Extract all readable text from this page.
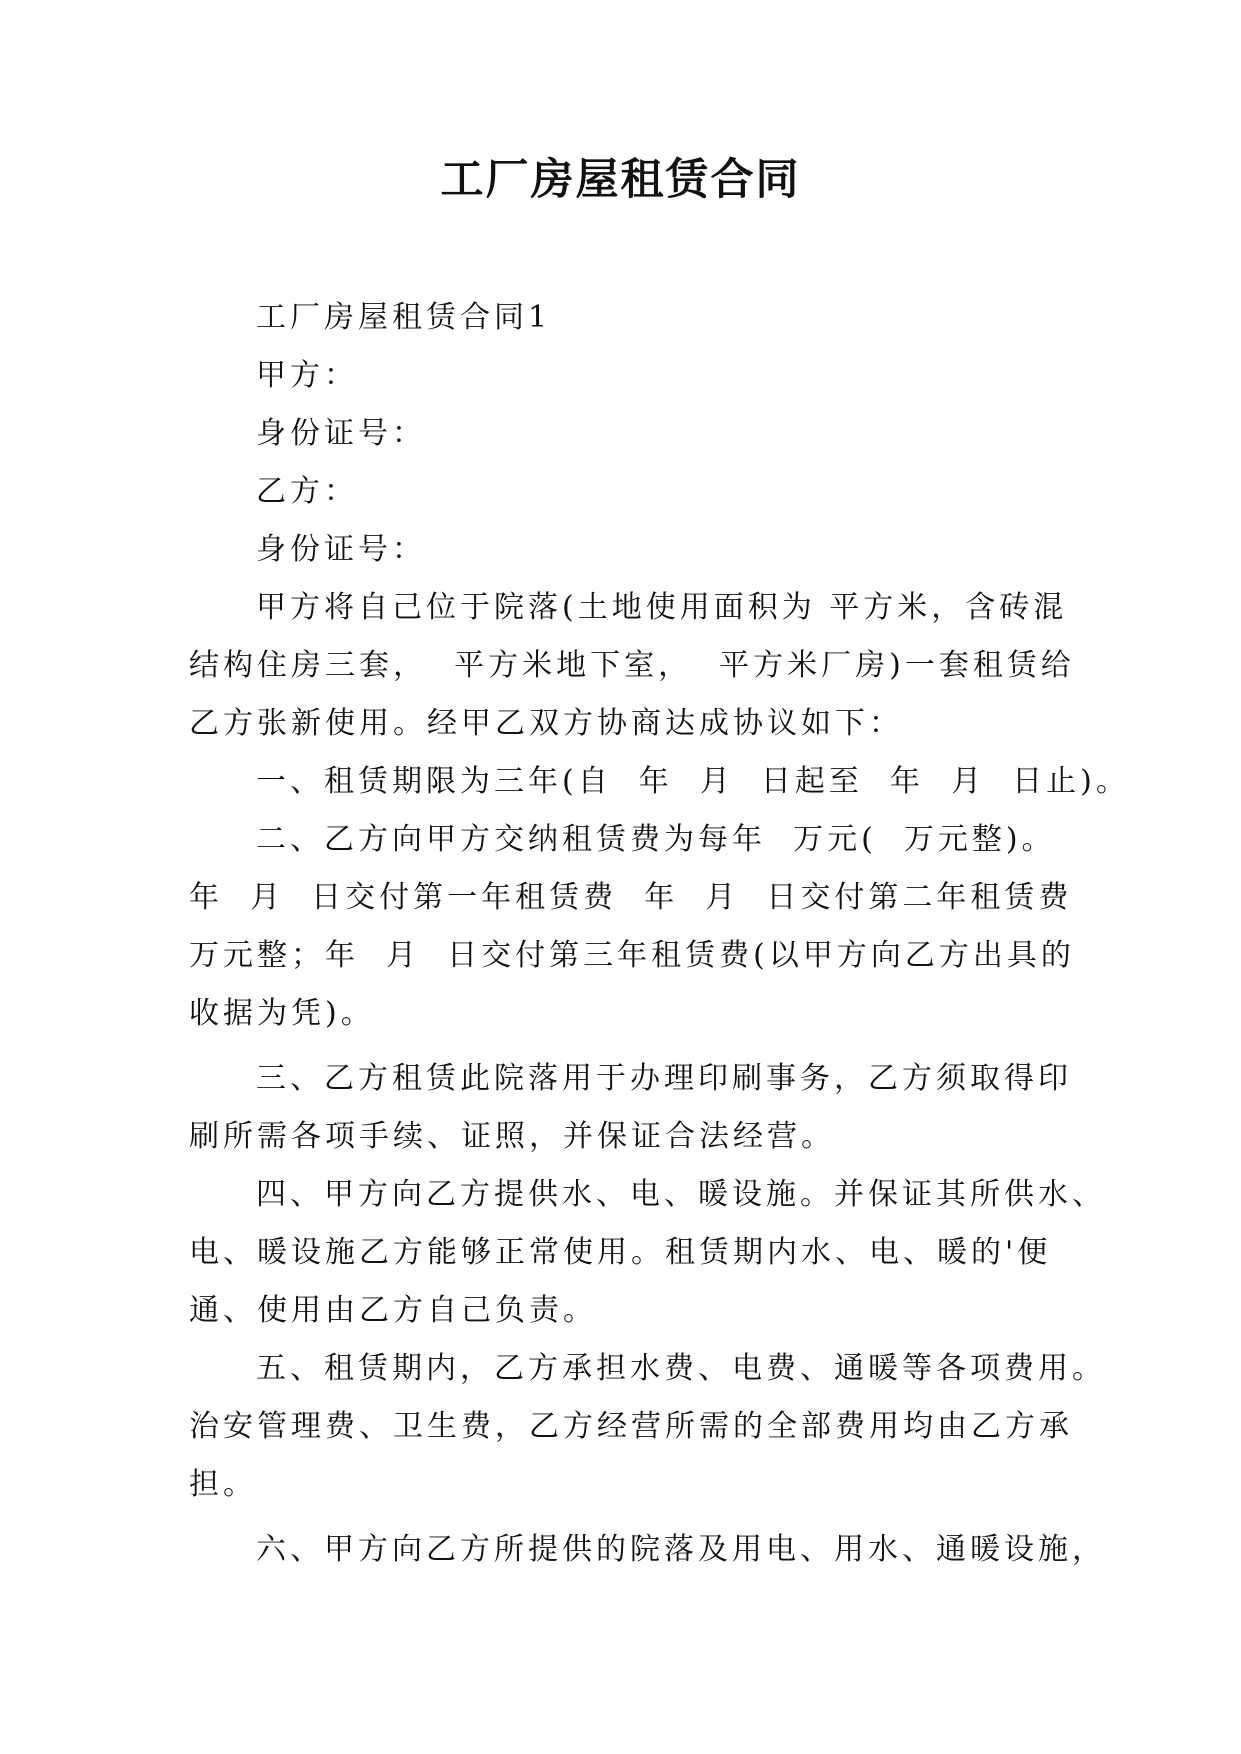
工厂房屋租赁合同

工厂房屋租赁合同1

甲方：

身份证号：

乙方：

身份证号：

甲方将自己位于院落(土地使用面积为 平方米，含砖混

结构住房三套，  平方米地下室，  平方米厂房)一套租赁给

乙方张新使用。经甲乙双方协商达成协议如下：

一、租赁期限为三年(自  年  月  日起至  年  月  日止)。

二、乙方向甲方交纳租赁费为每年  万元(  万元整)。

年  月  日交付第一年租赁费  年  月  日交付第二年租赁费

万元整；年  月  日交付第三年租赁费(以甲方向乙方出具的

收据为凭)。

三、乙方租赁此院落用于办理印刷事务，乙方须取得印

刷所需各项手续、证照，并保证合法经营。

四、甲方向乙方提供水、电、暖设施。并保证其所供水、

电、暖设施乙方能够正常使用。租赁期内水、电、暖的'便

通、使用由乙方自己负责。

五、租赁期内，乙方承担水费、电费、通暖等各项费用。

治安管理费、卫生费，乙方经营所需的全部费用均由乙方承

担。

六、甲方向乙方所提供的院落及用电、用水、通暖设施，
